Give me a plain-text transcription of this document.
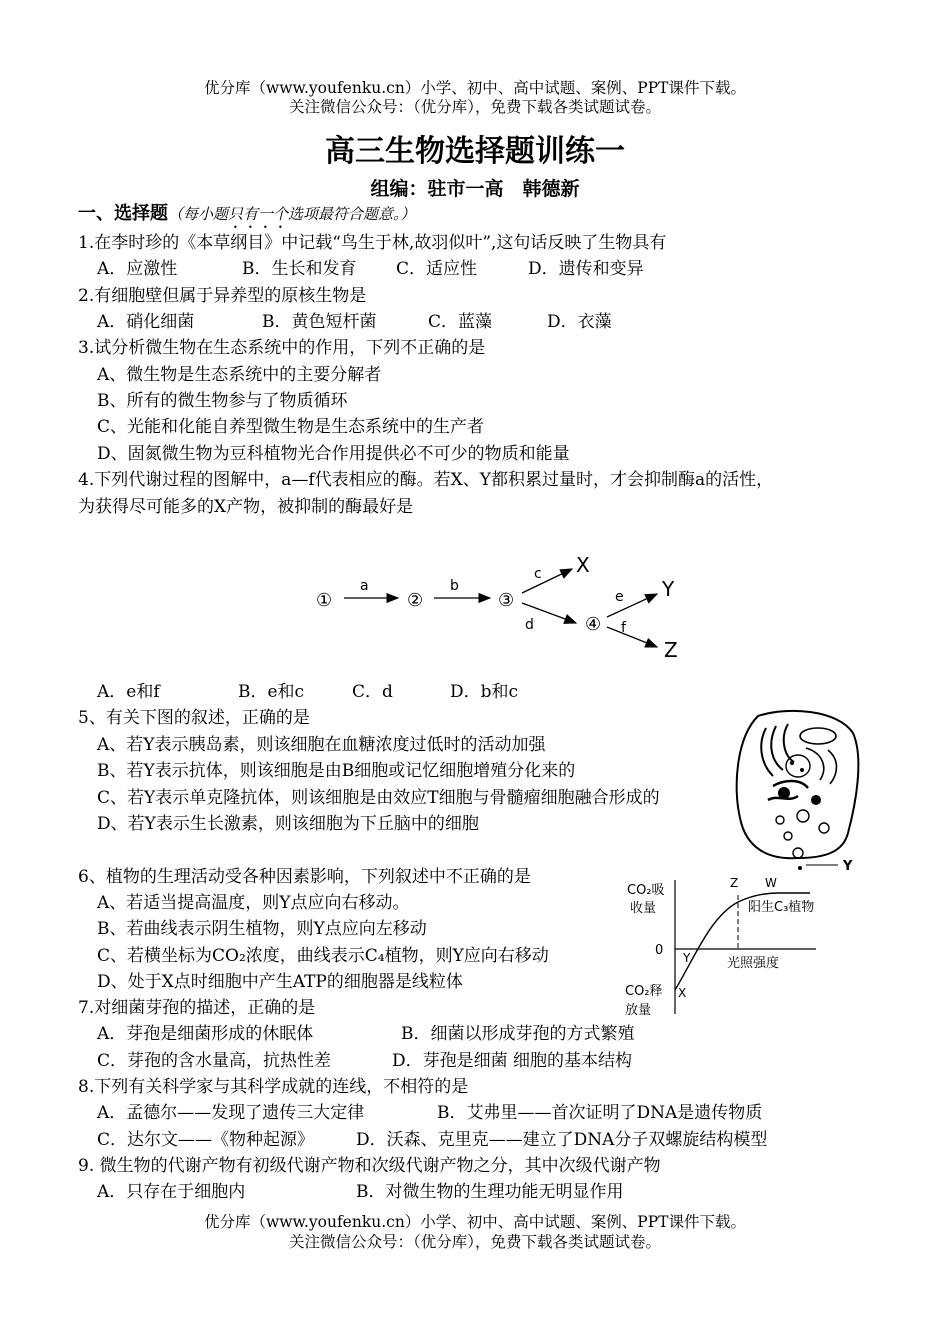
优分库（www.youfenku.cn）小学、初中、高中试题、案例、PPT课件下载。
关注微信公众号：（优分库），免费下载各类试题试卷。
高三生物选择题训练一
组编：驻市一高　韩德新
一、选择题（每小题只有一个选项最符合题意。）
1.在李时珍的《本草纲目》中记载“鸟生于林,故羽似叶”,这句话反映了生物具有
A．应激性	B．生长和发育 C．适应性	D．遗传和变异
2.有细胞壁但属于异养型的原核生物是
A．硝化细菌	B．黄色短杆菌	C．蓝藻	D．衣藻
3.试分析微生物在生态系统中的作用，下列不正确的是
A、微生物是生态系统中的主要分解者
B、所有的微生物参与了物质循环
C、光能和化能自养型微生物是生态系统中的生产者
D、固氮微生物为豆科植物光合作用提供必不可少的物质和能量
4.下列代谢过程的图解中，a—f代表相应的酶。若X、Y都积累过量时，才会抑制酶a的活性，
为获得尽可能多的X产物，被抑制的酶最好是
①
a
②
b
③
c X
d	④
e Y
f
Z
A．e和f	B．e和c	C．d	D．b和c
5、有关下图的叙述，正确的是
A、若Y表示胰岛素，则该细胞在血糖浓度过低时的活动加强
B、若Y表示抗体，则该细胞是由B细胞或记忆细胞增殖分化来的
C、若Y表示单克隆抗体，则该细胞是由效应T细胞与骨髓瘤细胞融合形成的
D、若Y表示生长激素，则该细胞为下丘脑中的细胞
Y
6、植物的生理活动受各种因素影响，下列叙述中不正确的是
A、若适当提高温度，则Y点应向右移动。
B、若曲线表示阴生植物，则Y点应向左移动
C、若横坐标为CO₂浓度，曲线表示C₄植物，则Y应向右移动
D、处于X点时细胞中产生ATP的细胞器是线粒体
CO₂吸
收量
0
CO₂释
放量
Z W
阳生C₃植物
Y	光照强度
X
7.对细菌芽孢的描述，正确的是
A．芽孢是细菌形成的休眠体	B．细菌以形成芽孢的方式繁殖
C．芽孢的含水量高，抗热性差	D．芽孢是细菌 细胞的基本结构
8.下列有关科学家与其科学成就的连线，不相符的是
A．孟德尔——发现了遗传三大定律	B．艾弗里——首次证明了DNA是遗传物质
C．达尔文——《物种起源》 D．沃森、克里克——建立了DNA分子双螺旋结构模型
9. 微生物的代谢产物有初级代谢产物和次级代谢产物之分，其中次级代谢产物
A．只存在于细胞内	B．对微生物的生理功能无明显作用
优分库（www.youfenku.cn）小学、初中、高中试题、案例、PPT课件下载。
关注微信公众号：（优分库），免费下载各类试题试卷。
